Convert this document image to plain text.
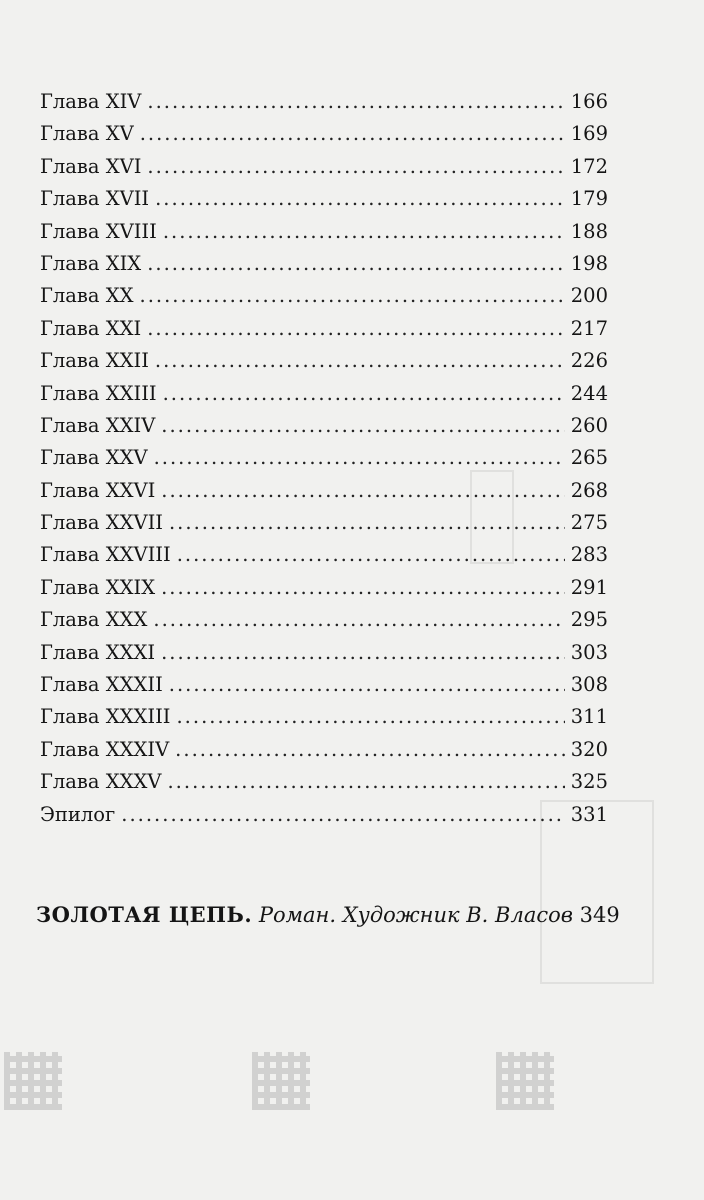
Глава XIV .....	166
Глава XV .....	169
Глава XVI .....	172
Глава XVII .....	179
Глава XVIII .....	188
Глава XIX .....	198
Глава XX .....	200
Глава XXI .....	217
Глава XXII .....	226
Глава XXIII .....	244
Глава XXIV .....	260
Глава XXV .....	265
Глава XXVI .....	268
Глава XXVII .....	275
Глава XXVIII .....	283
Глава XXIX .....	291
Глава XXX .....	295
Глава XXXI .....	303
Глава XXXII .....	308
Глава XXXIII .....	311
Глава XXXIV .....	320
Глава XXXV .....	325
Эпилог .....	331
ЗОЛОТАЯ ЦЕПЬ. Роман. Художник В. Власов 349
